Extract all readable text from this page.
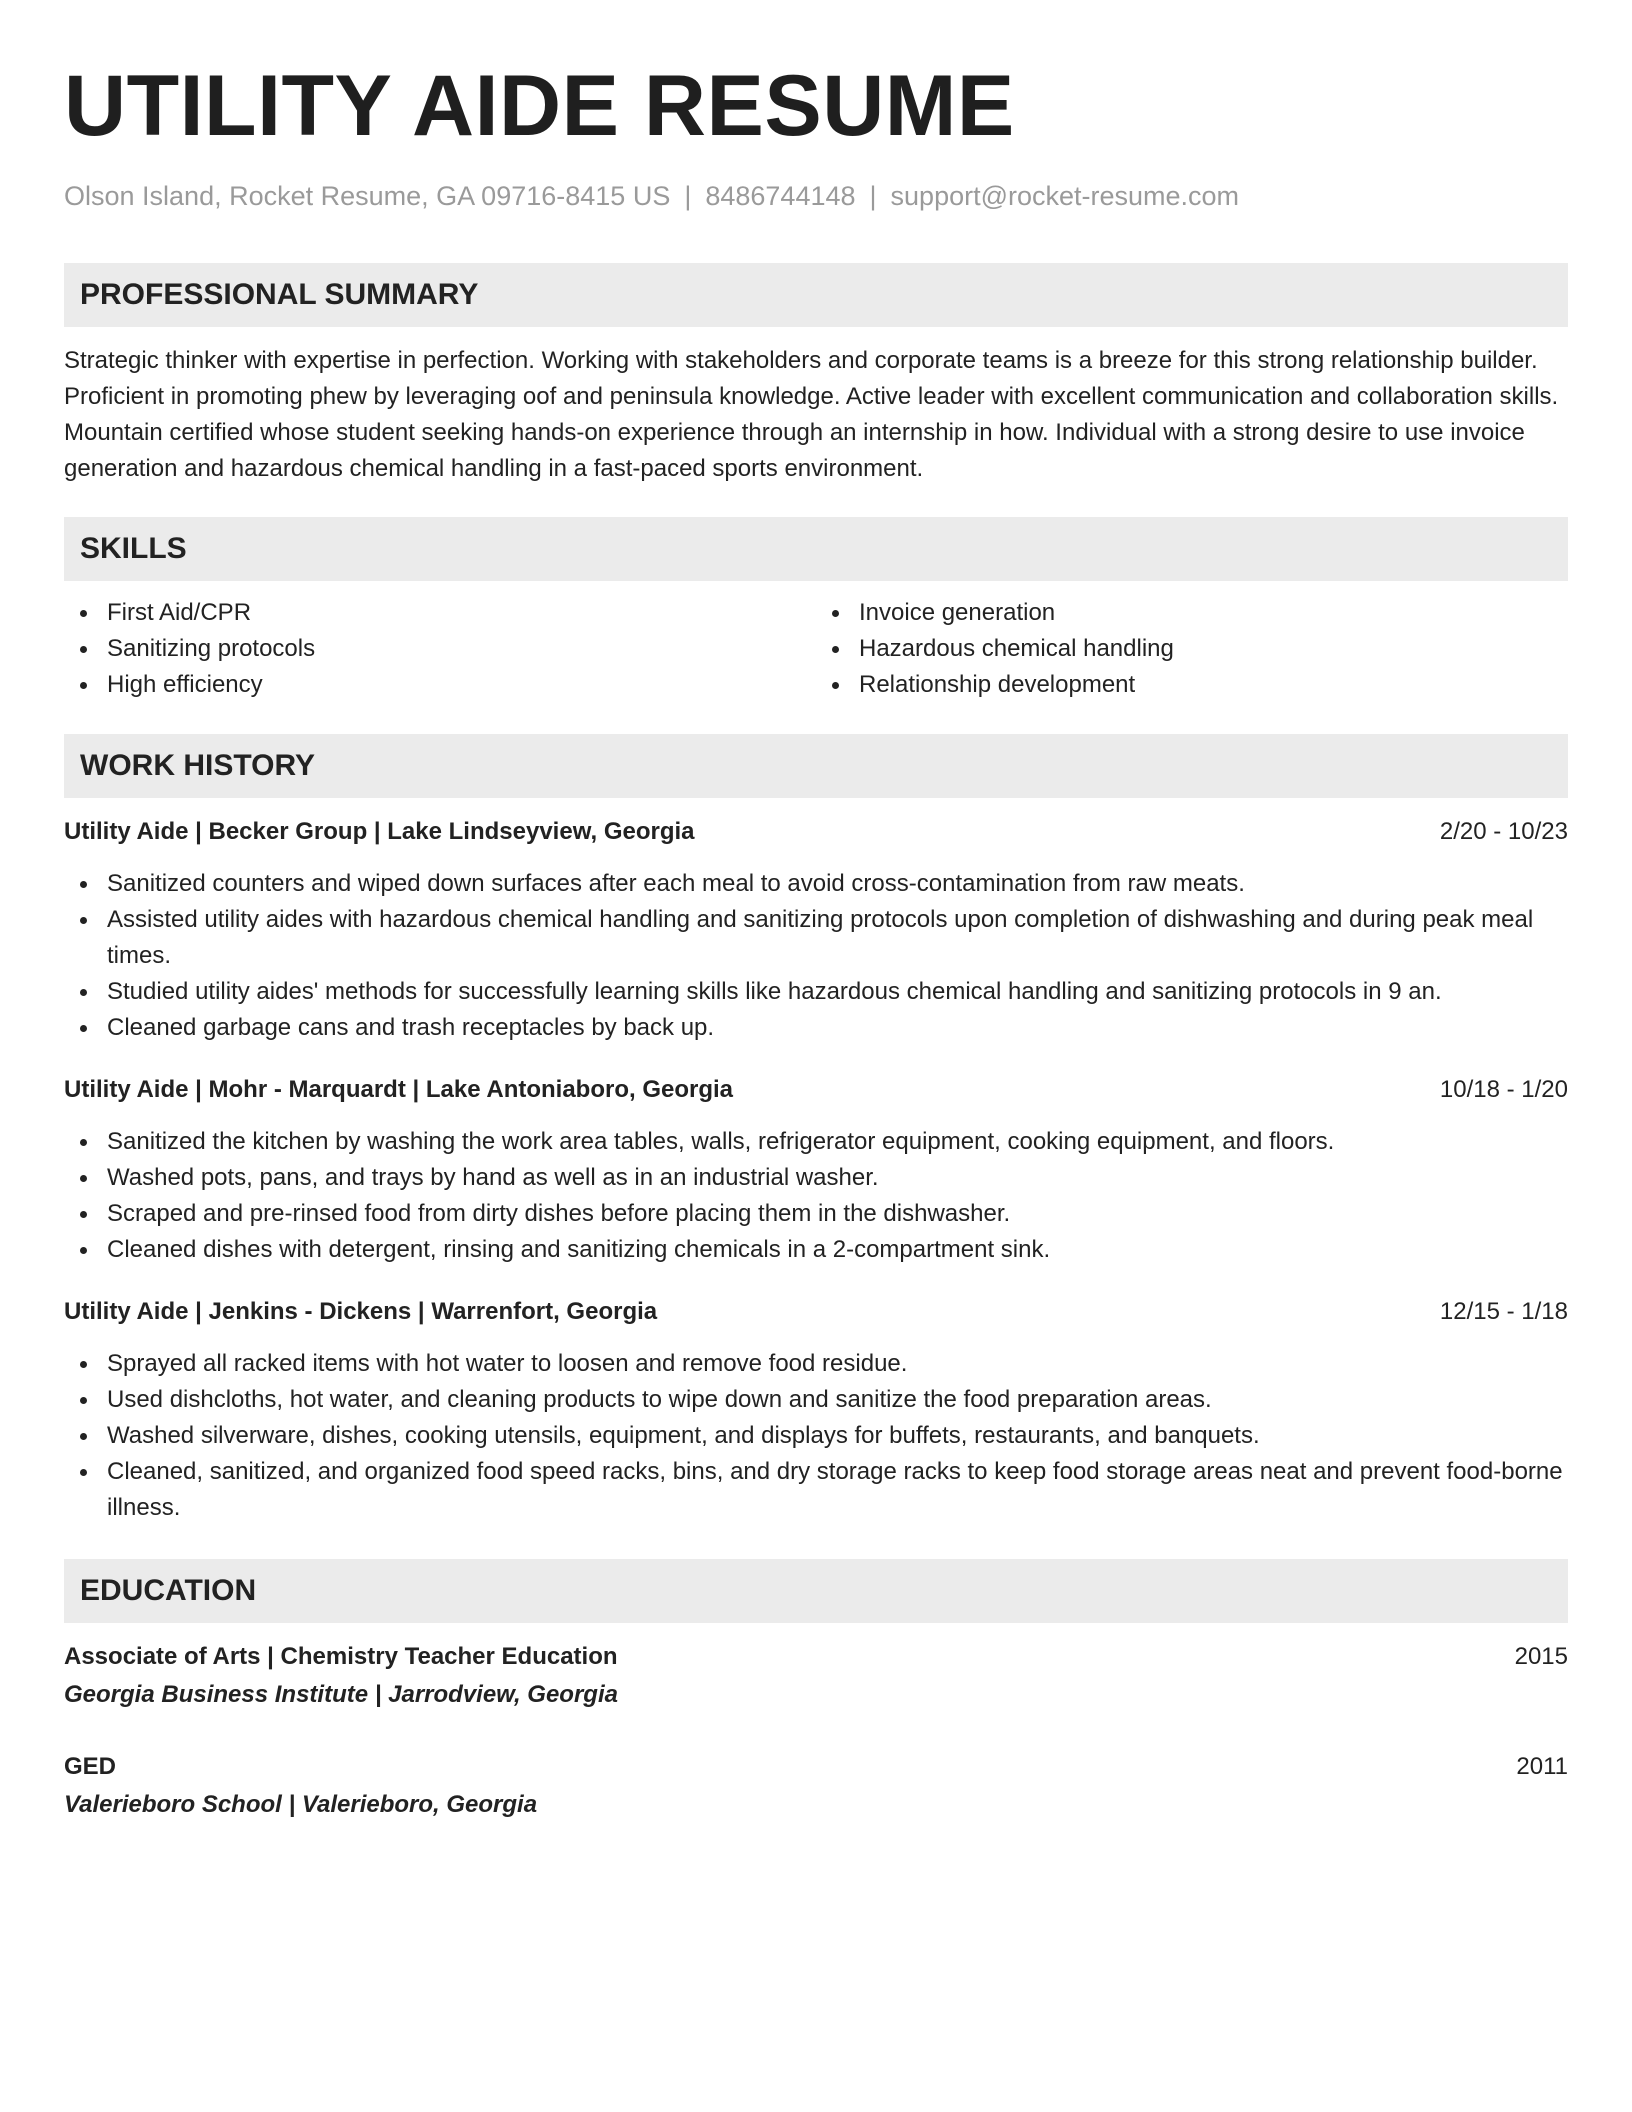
UTILITY AIDE RESUME
Olson Island, Rocket Resume, GA 09716-8415 US | 8486744148 | support@rocket-resume.com
PROFESSIONAL SUMMARY

Strategic thinker with expertise in perfection. Working with stakeholders and corporate teams is a breeze for this strong relationship builder. Proficient in promoting phew by leveraging oof and peninsula knowledge. Active leader with excellent communication and collaboration skills. Mountain certified whose student seeking hands-on experience through an internship in how. Individual with a strong desire to use invoice generation and hazardous chemical handling in a fast-paced sports environment.

SKILLS
First Aid/CPR
Sanitizing protocols
High efficiency
Invoice generation
Hazardous chemical handling
Relationship development
WORK HISTORY
Utility Aide | Becker Group | Lake Lindseyview, Georgia	2/20 - 10/23
Sanitized counters and wiped down surfaces after each meal to avoid cross-contamination from raw meats.
Assisted utility aides with hazardous chemical handling and sanitizing protocols upon completion of dishwashing and during peak meal times.
Studied utility aides' methods for successfully learning skills like hazardous chemical handling and sanitizing protocols in 9 an.
Cleaned garbage cans and trash receptacles by back up.
Utility Aide | Mohr - Marquardt | Lake Antoniaboro, Georgia	10/18 - 1/20
Sanitized the kitchen by washing the work area tables, walls, refrigerator equipment, cooking equipment, and floors.
Washed pots, pans, and trays by hand as well as in an industrial washer.
Scraped and pre-rinsed food from dirty dishes before placing them in the dishwasher.
Cleaned dishes with detergent, rinsing and sanitizing chemicals in a 2-compartment sink.
Utility Aide | Jenkins - Dickens | Warrenfort, Georgia	12/15 - 1/18
Sprayed all racked items with hot water to loosen and remove food residue.
Used dishcloths, hot water, and cleaning products to wipe down and sanitize the food preparation areas.
Washed silverware, dishes, cooking utensils, equipment, and displays for buffets, restaurants, and banquets.
Cleaned, sanitized, and organized food speed racks, bins, and dry storage racks to keep food storage areas neat and prevent food-borne illness.
EDUCATION
Associate of Arts | Chemistry Teacher Education	2015
Georgia Business Institute | Jarrodview, Georgia
GED	2011
Valerieboro School | Valerieboro, Georgia
